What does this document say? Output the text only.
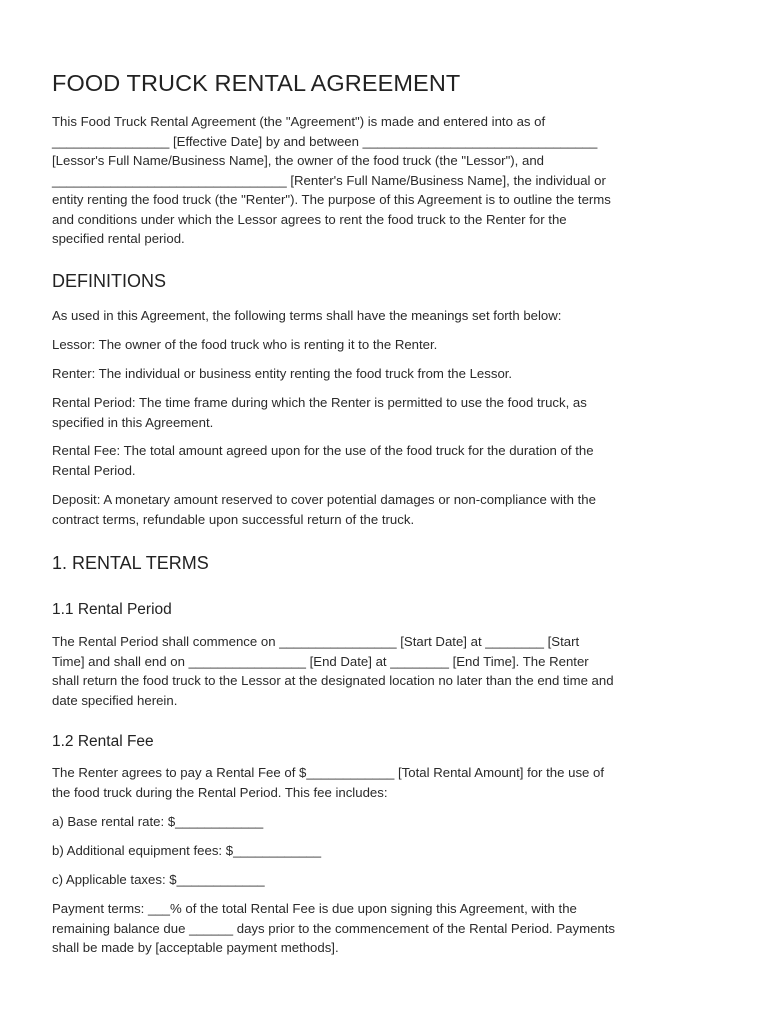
FOOD TRUCK RENTAL AGREEMENT

This Food Truck Rental Agreement (the "Agreement") is made and entered into as of

________________ [Effective Date] by and between ________________________________

[Lessor's Full Name/Business Name], the owner of the food truck (the "Lessor"), and

________________________________ [Renter's Full Name/Business Name], the individual or

entity renting the food truck (the "Renter"). The purpose of this Agreement is to outline the terms

and conditions under which the Lessor agrees to rent the food truck to the Renter for the

specified rental period.

DEFINITIONS

As used in this Agreement, the following terms shall have the meanings set forth below:

Lessor: The owner of the food truck who is renting it to the Renter.

Renter: The individual or business entity renting the food truck from the Lessor.

Rental Period: The time frame during which the Renter is permitted to use the food truck, as

specified in this Agreement.

Rental Fee: The total amount agreed upon for the use of the food truck for the duration of the

Rental Period.

Deposit: A monetary amount reserved to cover potential damages or non-compliance with the

contract terms, refundable upon successful return of the truck.

1. RENTAL TERMS
1.1 Rental Period

The Rental Period shall commence on ________________ [Start Date] at ________ [Start

Time] and shall end on ________________ [End Date] at ________ [End Time]. The Renter

shall return the food truck to the Lessor at the designated location no later than the end time and

date specified herein.

1.2 Rental Fee

The Renter agrees to pay a Rental Fee of $____________ [Total Rental Amount] for the use of

the food truck during the Rental Period. This fee includes:

a) Base rental rate: $____________

b) Additional equipment fees: $____________

c) Applicable taxes: $____________

Payment terms: ___% of the total Rental Fee is due upon signing this Agreement, with the

remaining balance due ______ days prior to the commencement of the Rental Period. Payments

shall be made by [acceptable payment methods].
